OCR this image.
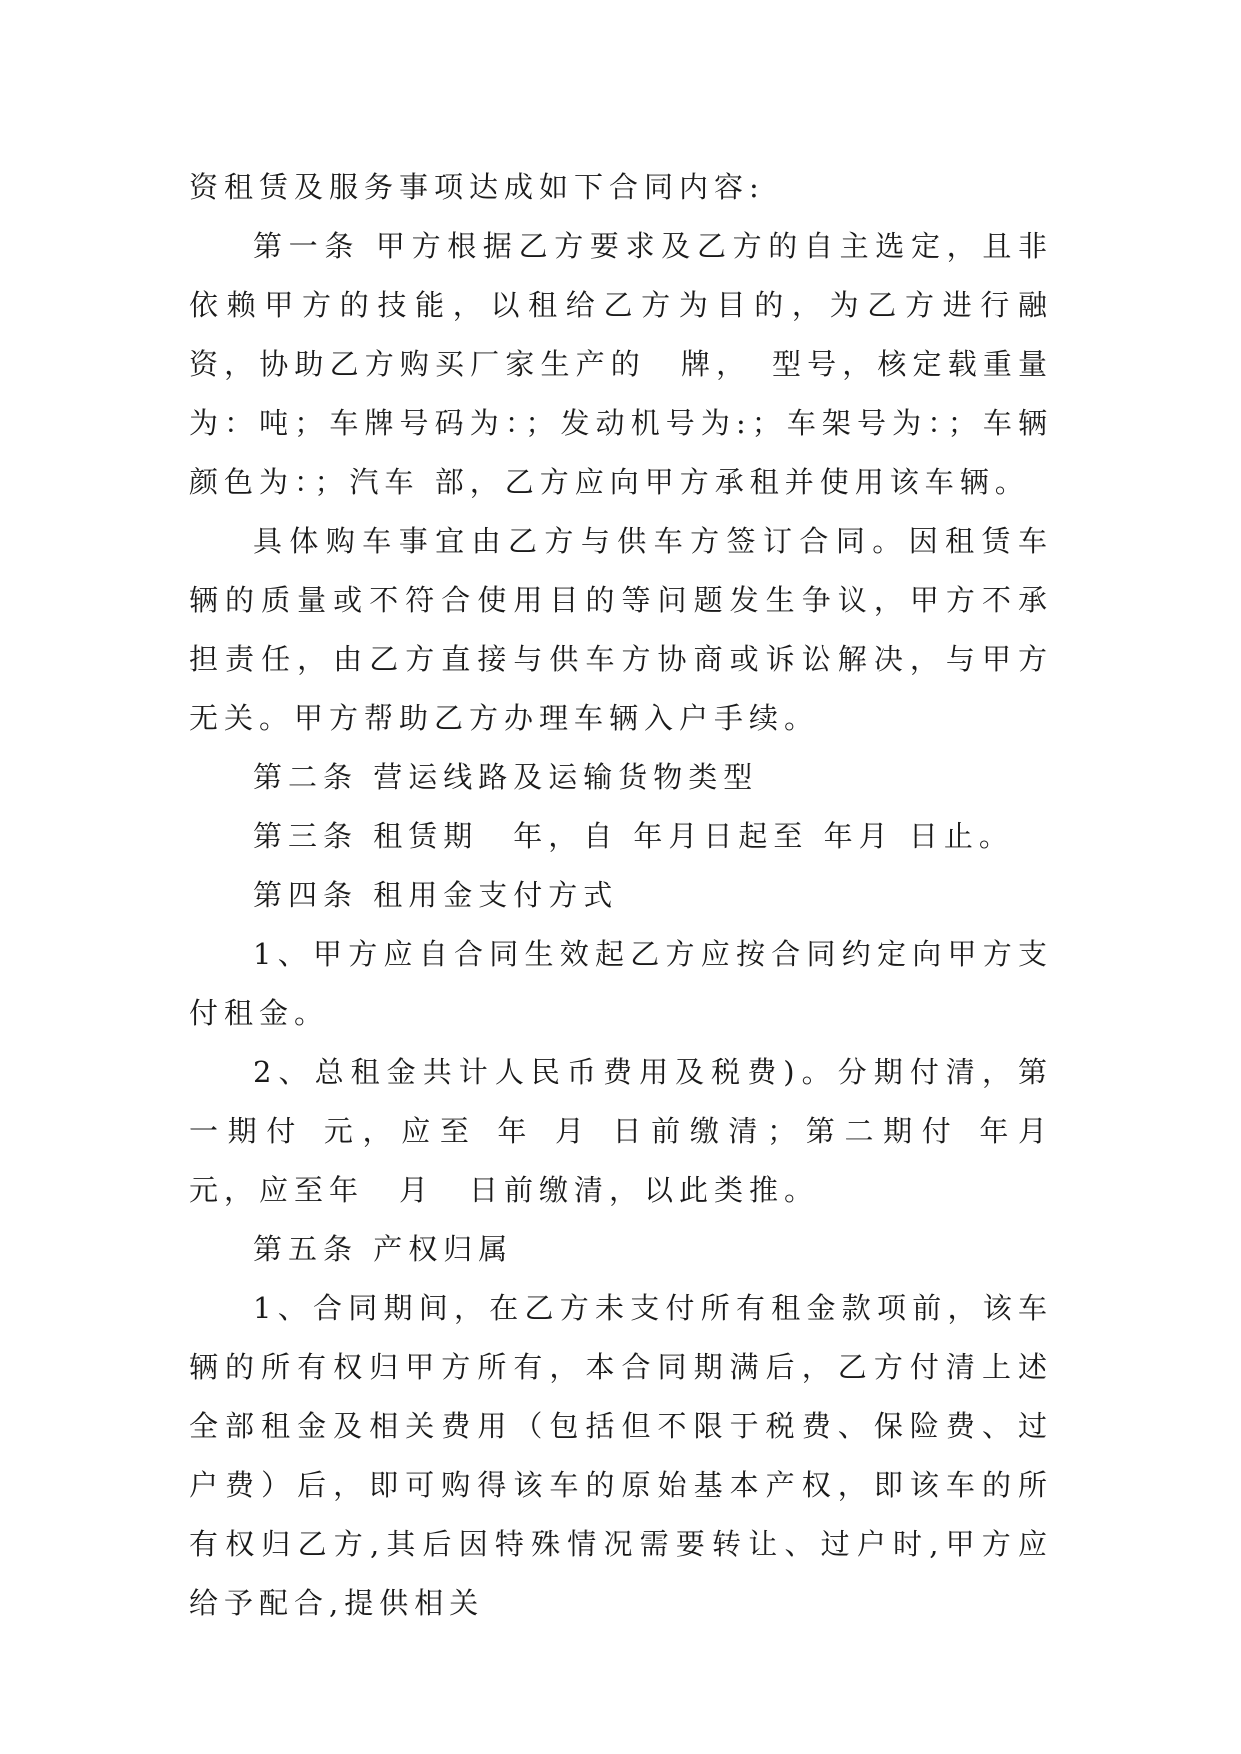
资租赁及服务事项达成如下合同内容:

第一条 甲方根据乙方要求及乙方的自主选定，且非依赖甲方的技能，以租给乙方为目的，为乙方进行融资，协助乙方购买厂家生产的　牌，　型号，核定载重量为：吨；车牌号码为：；发动机号为:；车架号为：；车辆颜色为：；汽车 部，乙方应向甲方承租并使用该车辆。

具体购车事宜由乙方与供车方签订合同。因租赁车辆的质量或不符合使用目的等问题发生争议，甲方不承担责任，由乙方直接与供车方协商或诉讼解决，与甲方无关。甲方帮助乙方办理车辆入户手续。

第二条 营运线路及运输货物类型

第三条 租赁期　年，自 年月日起至 年月 日止。

第四条 租用金支付方式

1、甲方应自合同生效起乙方应按合同约定向甲方支付租金。

2、总租金共计人民币费用及税费)。分期付清，第一期付 元，应至 年 月 日前缴清；第二期付 年月　元，应至年　月　日前缴清，以此类推。

第五条 产权归属

1、合同期间，在乙方未支付所有租金款项前，该车辆的所有权归甲方所有，本合同期满后，乙方付清上述全部租金及相关费用（包括但不限于税费、保险费、过户费）后，即可购得该车的原始基本产权，即该车的所有权归乙方,其后因特殊情况需要转让、过户时,甲方应给予配合,提供相关
